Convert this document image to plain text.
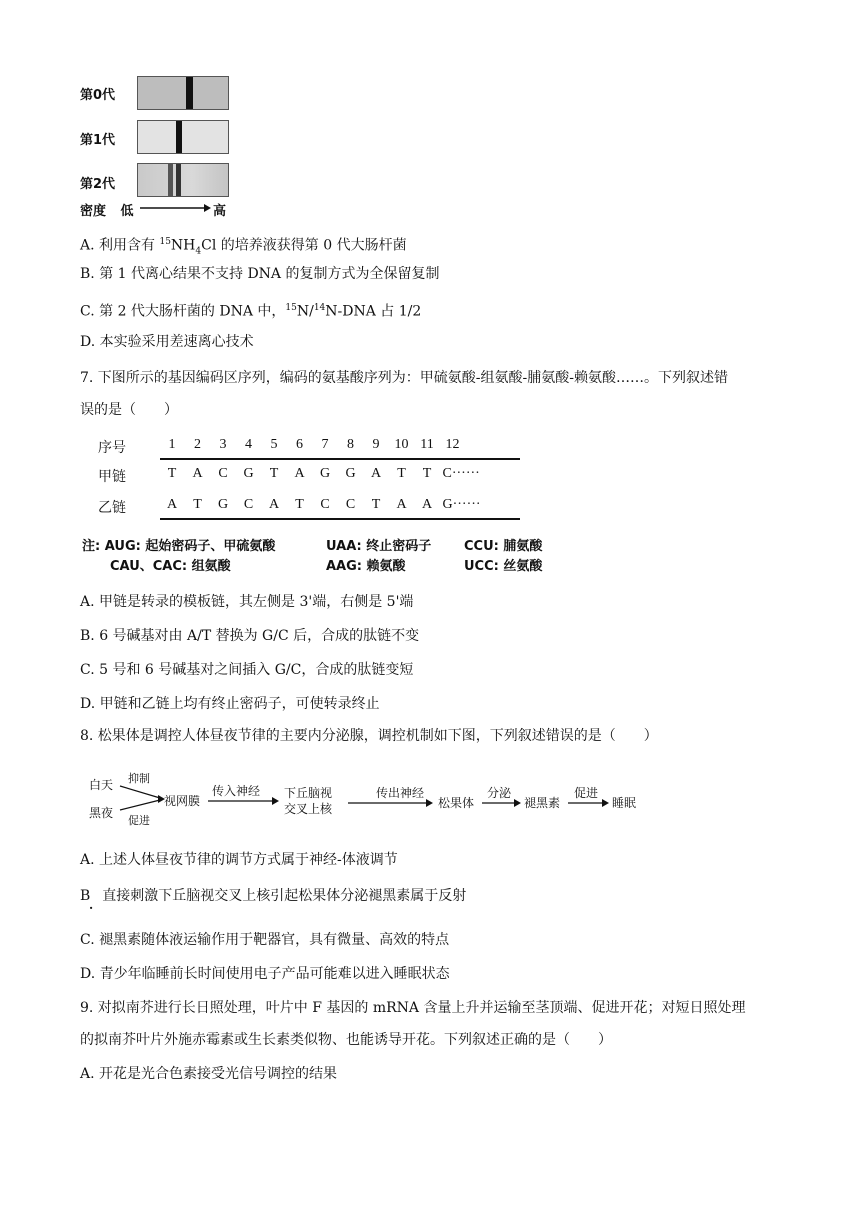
第0代
第1代
第2代
密度 低	高
A. 利用含有 $^{15}NH_4Cl$ 的培养液获得第 0 代大肠杆菌
B. 第 1 代离心结果不支持 DNA 的复制方式为全保留复制
C. 第 2 代大肠杆菌的 DNA 中，$^{15}$N/$^{14}$N-DNA 占 1/2
D. 本实验采用差速离心技术
7. 下图所示的基因编码区序列，编码的氨基酸序列为：甲硫氨酸-组氨酸-脯氨酸-赖氨酸……。下列叙述错
误的是（　　）
序号	1	2	3	4	5	6	7	8	9	10 11 12
甲链	T	A	C	G	T	A	G	G	A	T	T C······
乙链	A	T	G	C	A	T	C	C	T	A	A G······
注: AUG: 起始密码子、甲硫氨酸	UAA: 终止密码子	CCU: 脯氨酸
CAU、CAC: 组氨酸	AAG: 赖氨酸	UCC: 丝氨酸
A. 甲链是转录的模板链，其左侧是 3'端，右侧是 5'端
B. 6 号碱基对由 A/T 替换为 G/C 后，合成的肽链不变
C. 5 号和 6 号碱基对之间插入 G/C，合成的肽链变短
D. 甲链和乙链上均有终止密码子，可使转录终止
8. 松果体是调控人体昼夜节律的主要内分泌腺，调控机制如下图，下列叙述错误的是（　　）
白天
黑夜
抑制
促进
视网膜
传入神经 下丘脑视
交叉上核
传出神经
松果体
分泌
褪黑素
促进
睡眠
A. 上述人体昼夜节律的调节方式属于神经-体液调节
B 直接刺激下丘脑视交叉上核引起松果体分泌褪黑素属于反射
.
C. 褪黑素随体液运输作用于靶器官，具有微量、高效的特点
D. 青少年临睡前长时间使用电子产品可能难以进入睡眠状态
9. 对拟南芥进行长日照处理，叶片中 F 基因的 mRNA 含量上升并运输至茎顶端、促进开花；对短日照处理
的拟南芥叶片外施赤霉素或生长素类似物、也能诱导开花。下列叙述正确的是（　　）
A. 开花是光合色素接受光信号调控的结果
